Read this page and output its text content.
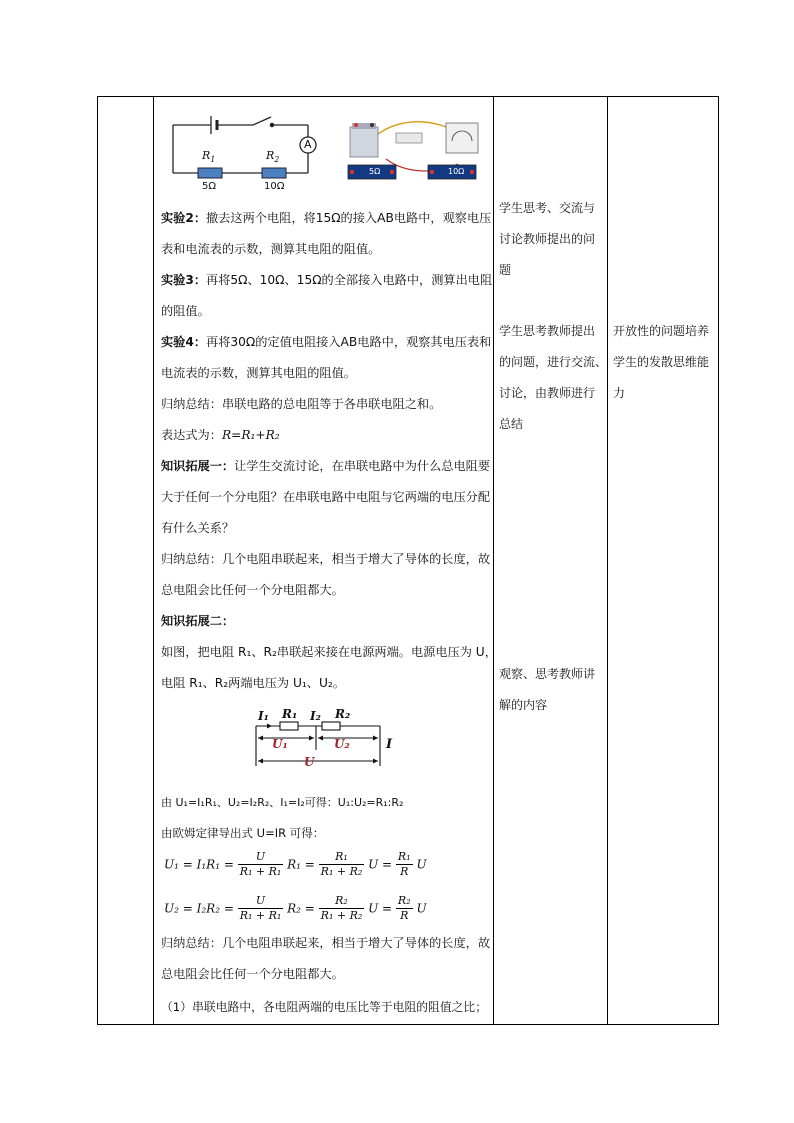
A
$R_1$	$R_2$
5Ω	10Ω
5Ω	10Ω
实验2：撤去这两个电阻，将15Ω的接入AB电路中，观察电压
表和电流表的示数，测算其电阻的阻值。
实验3：再将5Ω、10Ω、15Ω的全部接入电路中，测算出电阻
的阻值。
实验4：再将30Ω的定值电阻接入AB电路中，观察其电压表和
电流表的示数，测算其电阻的阻值。
归纳总结：串联电路的总电阻等于各串联电阻之和。
表达式为：R=R₁+R₂
知识拓展一：让学生交流讨论，在串联电路中为什么总电阻要
大于任何一个分电阻？在串联电路中电阻与它两端的电压分配
有什么关系？
归纳总结：几个电阻串联起来，相当于增大了导体的长度，故
总电阻会比任何一个分电阻都大。
知识拓展二：
如图，把电阻 R₁、R₂串联起来接在电源两端。电源电压为 U，
电阻 R₁、R₂两端电压为 U₁、U₂。
I₁ R₁ I₂ R₂
U₁	U₂
U
I
由 U₁=I₁R₁、U₂=I₂R₂、I₁=I₂可得：U₁:U₂=R₁:R₂
由欧姆定律导出式 U=IR 可得：
$U_1 = I_1R_1 = \frac{U}{\text{R₁ + R₁}} R_1 = \frac{\text{R₁}}{\text{R₁ + R₂}}$ $U = \frac{\text{R₁}}{R}$ U
$U_2 = I_2R_2 = \frac{U}{\text{R₁ + R₁}} R_2 = \frac{\text{R₂}}{\text{R₁ + R₂}}$ $U = \frac{\text{R₂}}{R}$ U
归纳总结：几个电阻串联起来，相当于增大了导体的长度，故
总电阻会比任何一个分电阻都大。
（1）串联电路中，各电阻两端的电压比等于电阻的阻值之比；
学生思考、交流与
讨论教师提出的问
题
学生思考教师提出
的问题，进行交流、
讨论，由教师进行
总结
观察、思考教师讲
解的内容
开放性的问题培养
学生的发散思维能
力
